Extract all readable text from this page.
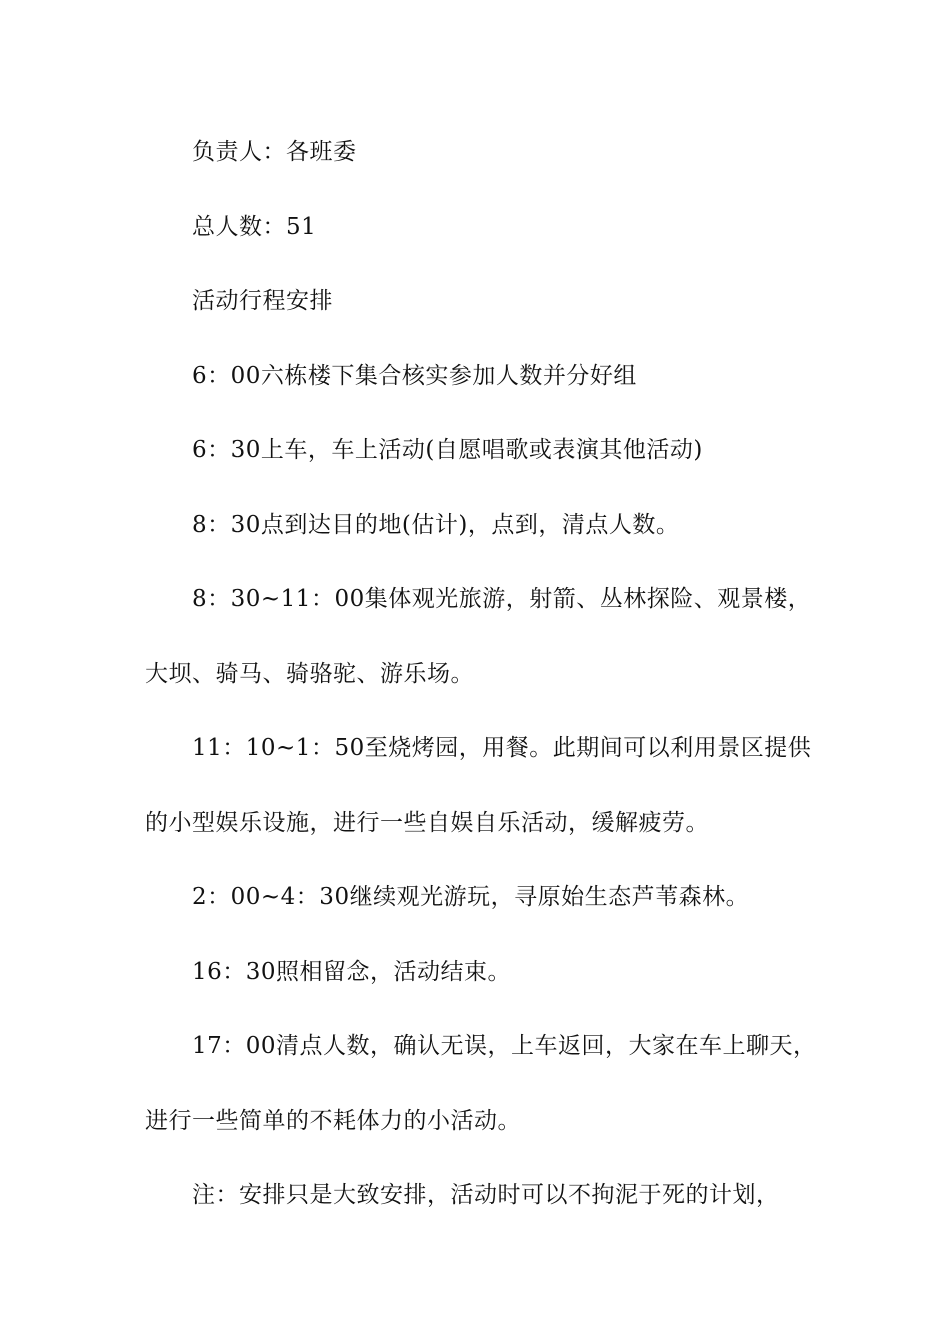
负责人：各班委

总人数：51

活动行程安排

6：00六栋楼下集合核实参加人数并分好组

6：30上车，车上活动(自愿唱歌或表演其他活动)

8：30点到达目的地(估计)，点到，清点人数。

8：30~11：00集体观光旅游，射箭、丛林探险、观景楼，大坝、骑马、骑骆驼、游乐场。

11：10~1：50至烧烤园，用餐。此期间可以利用景区提供的小型娱乐设施，进行一些自娱自乐活动，缓解疲劳。

2：00~4：30继续观光游玩，寻原始生态芦苇森林。

16：30照相留念，活动结束。

17：00清点人数，确认无误，上车返回，大家在车上聊天，进行一些简单的不耗体力的小活动。

注：安排只是大致安排，活动时可以不拘泥于死的计划，
